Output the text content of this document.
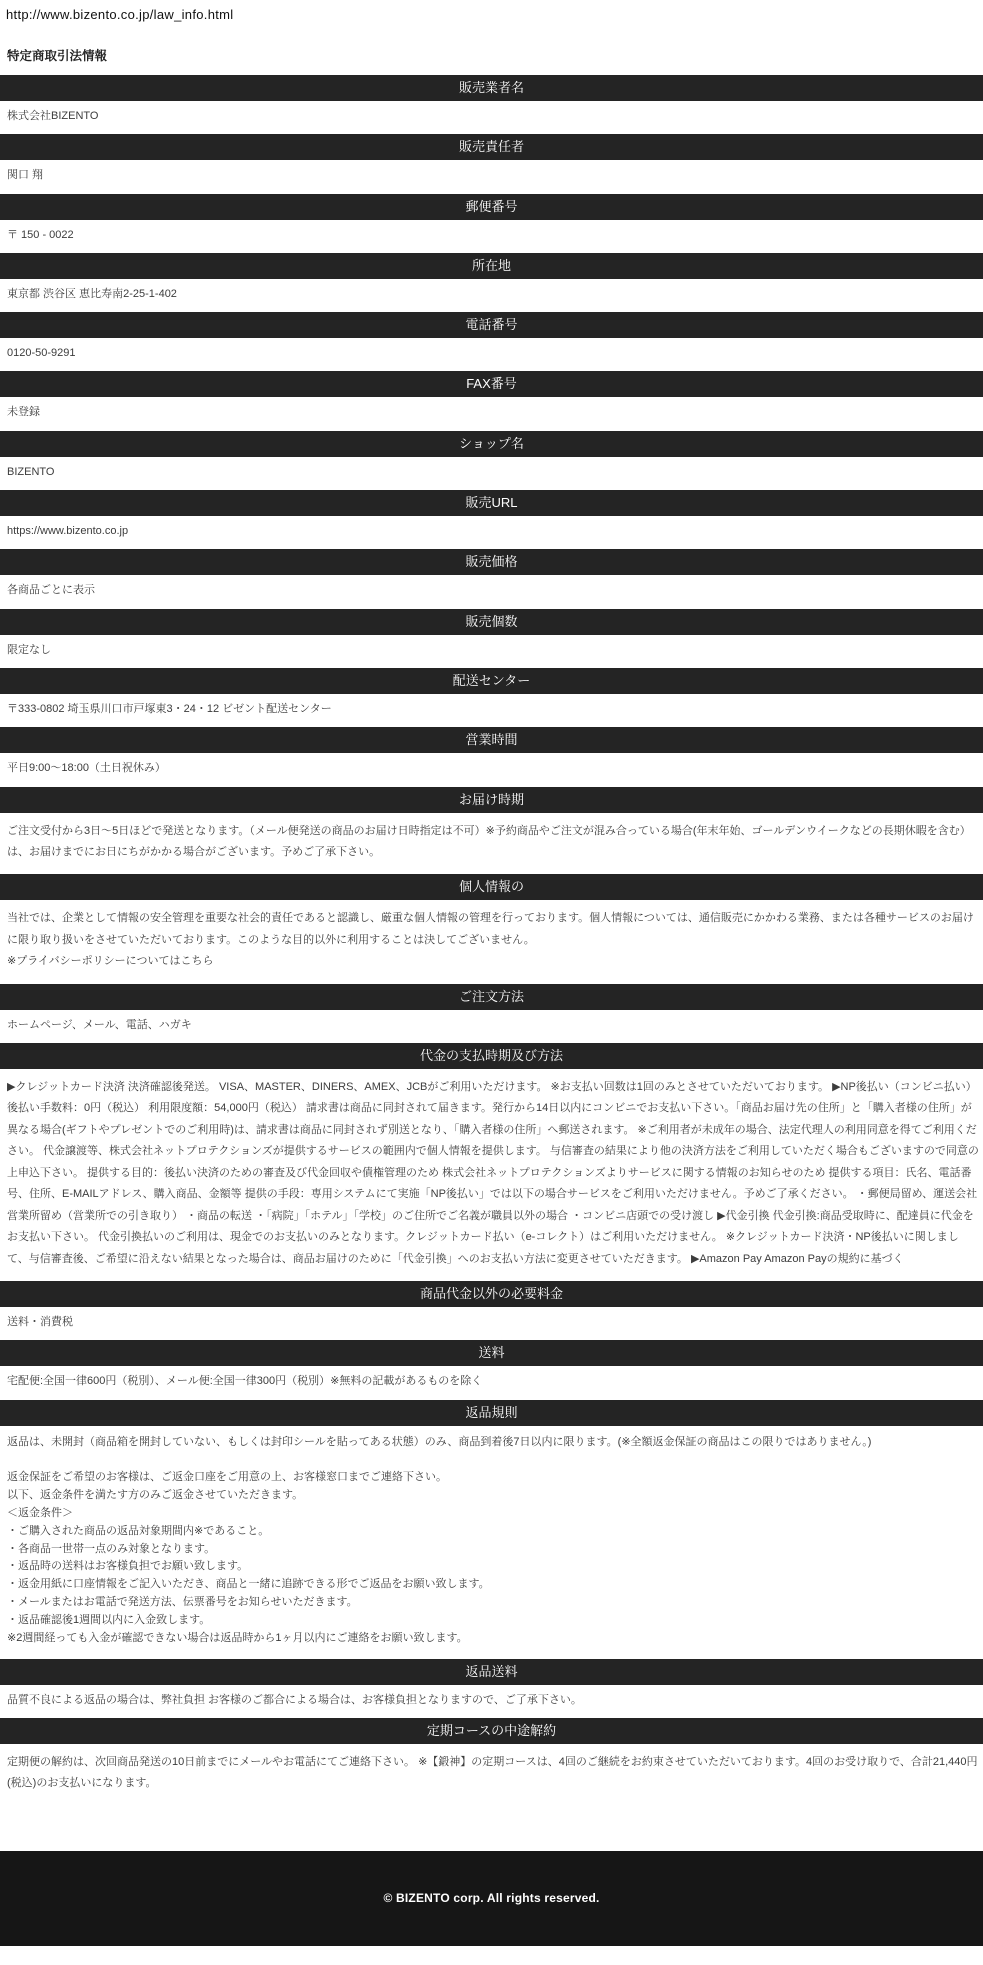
http://www.bizento.co.jp/law_info.html
特定商取引法情報
販売業者名
株式会社BIZENTO
販売責任者
関口 翔
郵便番号
〒 150 - 0022
所在地
東京都 渋谷区 恵比寿南2-25-1-402
電話番号
0120-50-9291
FAX番号
未登録
ショップ名
BIZENTO
販売URL
https://www.bizento.co.jp
販売価格
各商品ごとに表示
販売個数
限定なし
配送センター
〒333-0802 埼玉県川口市戸塚東3・24・12 ビゼント配送センター
営業時間
平日9:00〜18:00（土日祝休み）
お届け時期
ご注文受付から3日〜5日ほどで発送となります。（メール便発送の商品のお届け日時指定は不可）※予約商品やご注文が混み合っている場合(年末年始、ゴールデンウイークなどの長期休暇を含む）は、お届けまでにお日にちがかかる場合がございます。予めご了承下さい。
個人情報の
当社では、企業として情報の安全管理を重要な社会的責任であると認識し、厳重な個人情報の管理を行っております。個人情報については、通信販売にかかわる業務、または各種サービスのお届けに限り取り扱いをさせていただいております。このような目的以外に利用することは決してございません。
※プライバシーポリシーについてはこちら
ご注文方法
ホームページ、メール、電話、ハガキ
代金の支払時期及び方法
▶クレジットカード決済 決済確認後発送。 VISA、MASTER、DINERS、AMEX、JCBがご利用いただけます。 ※お支払い回数は1回のみとさせていただいております。 ▶NP後払い（コンビニ払い） 後払い手数料：0円（税込） 利用限度額：54,000円（税込） 請求書は商品に同封されて届きます。発行から14日以内にコンビニでお支払い下さい。「商品お届け先の住所」と「購入者様の住所」が異なる場合(ギフトやプレゼントでのご利用時)は、請求書は商品に同封されず別送となり、「購入者様の住所」へ郵送されます。 ※ご利用者が未成年の場合、法定代理人の利用同意を得てご利用ください。 代金譲渡等、株式会社ネットプロテクションズが提供するサービスの範囲内で個人情報を提供します。 与信審査の結果により他の決済方法をご利用していただく場合もございますので同意の上申込下さい。 提供する目的：後払い決済のための審査及び代金回収や債権管理のため 株式会社ネットプロテクションズよりサービスに関する情報のお知らせのため 提供する項目：氏名、電話番号、住所、E-MAILアドレス、購入商品、金額等 提供の手段：専用システムにて実施「NP後払い」では以下の場合サービスをご利用いただけません。予めご了承ください。 ・郵便局留め、運送会社営業所留め（営業所での引き取り） ・商品の転送 ・「病院」「ホテル」「学校」のご住所でご名義が職員以外の場合 ・コンビニ店頭での受け渡し ▶代金引換 代金引換:商品受取時に、配達員に代金をお支払い下さい。 代金引換払いのご利用は、現金でのお支払いのみとなります。クレジットカード払い（e-コレクト）はご利用いただけません。 ※クレジットカード決済・NP後払いに関しまして、与信審査後、ご希望に沿えない結果となった場合は、商品お届けのために「代金引換」へのお支払い方法に変更させていただきます。 ▶Amazon Pay Amazon Payの規約に基づく
商品代金以外の必要料金
送料・消費税
送料
宅配便:全国一律600円（税別）、メール便:全国一律300円（税別）※無料の記載があるものを除く
返品規則
返品は、未開封（商品箱を開封していない、もしくは封印シールを貼ってある状態）のみ、商品到着後7日以内に限ります。(※全額返金保証の商品はこの限りではありません。)
返金保証をご希望のお客様は、ご返金口座をご用意の上、お客様窓口までご連絡下さい。
以下、返金条件を満たす方のみご返金させていただきます。
＜返金条件＞
・ご購入された商品の返品対象期間内※であること。
・各商品一世帯一点のみ対象となります。
・返品時の送料はお客様負担でお願い致します。
・返金用紙に口座情報をご記入いただき、商品と一緒に追跡できる形でご返品をお願い致します。
・メールまたはお電話で発送方法、伝票番号をお知らせいただきます。
・返品確認後1週間以内に入金致します。
※2週間経っても入金が確認できない場合は返品時から1ヶ月以内にご連絡をお願い致します。
返品送料
品質不良による返品の場合は、弊社負担 お客様のご都合による場合は、お客様負担となりますので、ご了承下さい。
定期コースの中途解約
定期便の解約は、次回商品発送の10日前までにメールやお電話にてご連絡下さい。 ※【鍛神】の定期コースは、4回のご継続をお約束させていただいております。4回のお受け取りで、合計21,440円(税込)のお支払いになります。
© BIZENTO corp. All rights reserved.
